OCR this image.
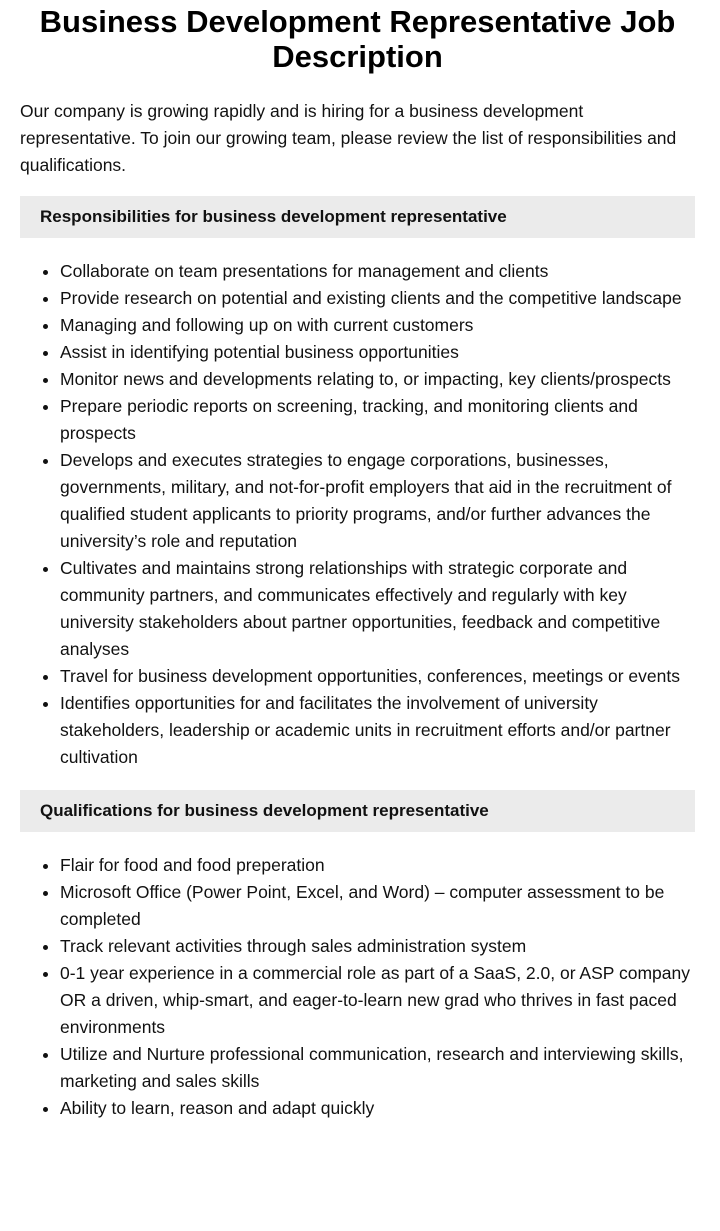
Business Development Representative Job Description

Our company is growing rapidly and is hiring for a business development representative. To join our growing team, please review the list of responsibilities and qualifications.

Responsibilities for business development representative
• Collaborate on team presentations for management and clients
• Provide research on potential and existing clients and the competitive landscape
• Managing and following up on with current customers
• Assist in identifying potential business opportunities
• Monitor news and developments relating to, or impacting, key clients/prospects
• Prepare periodic reports on screening, tracking, and monitoring clients and prospects
• Develops and executes strategies to engage corporations, businesses, governments, military, and not-for-profit employers that aid in the recruitment of qualified student applicants to priority programs, and/or further advances the university’s role and reputation
• Cultivates and maintains strong relationships with strategic corporate and community partners, and communicates effectively and regularly with key university stakeholders about partner opportunities, feedback and competitive analyses
• Travel for business development opportunities, conferences, meetings or events
• Identifies opportunities for and facilitates the involvement of university stakeholders, leadership or academic units in recruitment efforts and/or partner cultivation
Qualifications for business development representative
• Flair for food and food preperation
• Microsoft Office (Power Point, Excel, and Word) – computer assessment to be completed
• Track relevant activities through sales administration system
• 0-1 year experience in a commercial role as part of a SaaS, 2.0, or ASP company OR a driven, whip-smart, and eager-to-learn new grad who thrives in fast paced environments
• Utilize and Nurture professional communication, research and interviewing skills, marketing and sales skills
• Ability to learn, reason and adapt quickly
